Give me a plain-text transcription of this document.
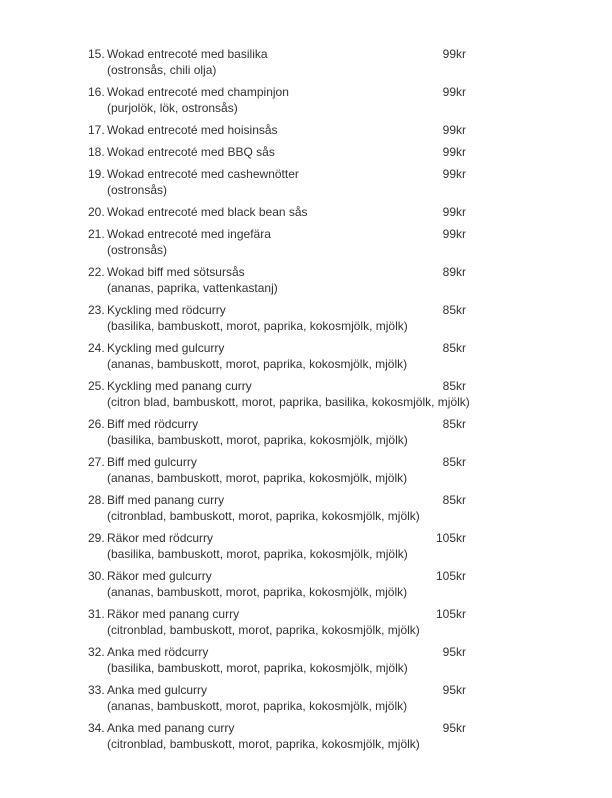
15. Wokad entrecoté med basilika	99kr
(ostronsås, chili olja)
16. Wokad entrecoté med champinjon	99kr
(purjolök, lök, ostronsås)
17. Wokad entrecoté med hoisinsås	99kr
18. Wokad entrecoté med BBQ sås	99kr
19. Wokad entrecoté med cashewnötter	99kr
(ostronsås)
20. Wokad entrecoté med black bean sås	99kr
21. Wokad entrecoté med ingefära	99kr
(ostronsås)
22. Wokad biff med sötsursås	89kr
(ananas, paprika, vattenkastanj)
23. Kyckling med rödcurry	85kr
(basilika, bambuskott, morot, paprika, kokosmjölk, mjölk)
24. Kyckling med gulcurry	85kr
(ananas, bambuskott, morot, paprika, kokosmjölk, mjölk)
25. Kyckling med panang curry	85kr
(citron blad, bambuskott, morot, paprika, basilika, kokosmjölk, mjölk)
26. Biff med rödcurry	85kr
(basilika, bambuskott, morot, paprika, kokosmjölk, mjölk)
27. Biff med gulcurry	85kr
(ananas, bambuskott, morot, paprika, kokosmjölk, mjölk)
28. Biff med panang curry	85kr
(citronblad, bambuskott, morot, paprika, kokosmjölk, mjölk)
29. Räkor med rödcurry	105kr
(basilika, bambuskott, morot, paprika, kokosmjölk, mjölk)
30. Räkor med gulcurry	105kr
(ananas, bambuskott, morot, paprika, kokosmjölk, mjölk)
31. Räkor med panang curry	105kr
(citronblad, bambuskott, morot, paprika, kokosmjölk, mjölk)
32. Anka med rödcurry	95kr
(basilika, bambuskott, morot, paprika, kokosmjölk, mjölk)
33. Anka med gulcurry	95kr
(ananas, bambuskott, morot, paprika, kokosmjölk, mjölk)
34. Anka med panang curry	95kr
(citronblad, bambuskott, morot, paprika, kokosmjölk, mjölk)
